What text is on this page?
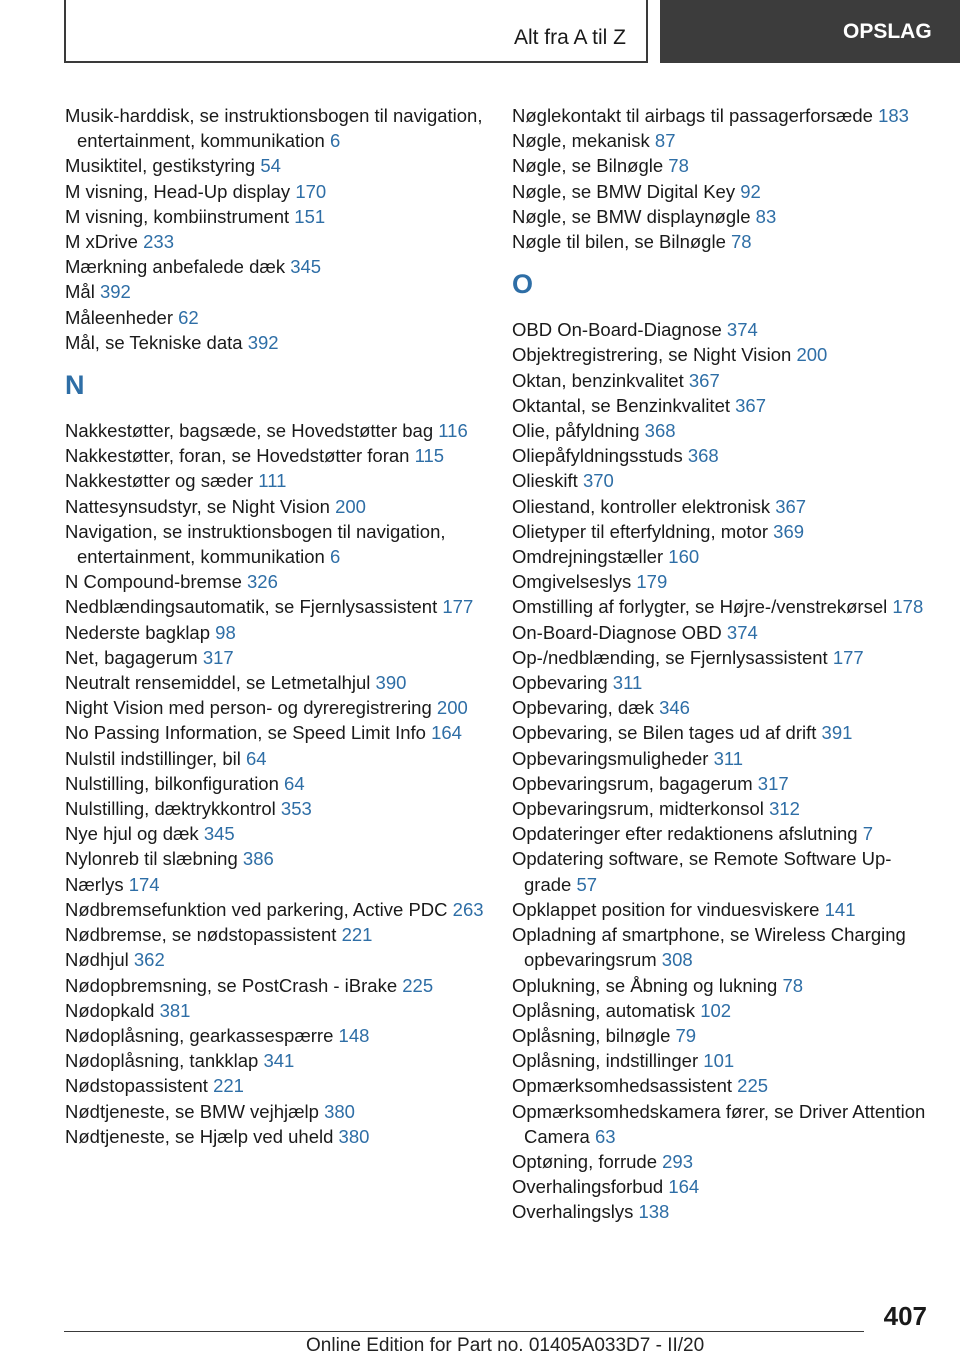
Alt fra A til Z	OPSLAG
Musik-harddisk, se instruktionsbogen til navigation, entertainment, kommunikation 6
Musiktitel, gestikstyring 54
M visning, Head-Up display 170
M visning, kombiinstrument 151
M xDrive 233
Mærkning anbefalede dæk 345
Mål 392
Måleenheder 62
Mål, se Tekniske data 392
N
Nakkestøtter, bagsæde, se Hovedstøtter bag 116
Nakkestøtter, foran, se Hovedstøtter foran 115
Nakkestøtter og sæder 111
Nattesynsudstyr, se Night Vision 200
Navigation, se instruktionsbogen til navigation, entertainment, kommunikation 6
N Compound-bremse 326
Nedblændingsautomatik, se Fjernlysassistent 177
Nederste bagklap 98
Net, bagagerum 317
Neutralt rensemiddel, se Letmetalhjul 390
Night Vision med person- og dyreregistrering 200
No Passing Information, se Speed Limit Info 164
Nulstil indstillinger, bil 64
Nulstilling, bilkonfiguration 64
Nulstilling, dæktrykkontrol 353
Nye hjul og dæk 345
Nylonreb til slæbning 386
Nærlys 174
Nødbremsefunktion ved parkering, Active PDC 263
Nødbremse, se nødstopassistent 221
Nødhjul 362
Nødopbremsning, se PostCrash - iBrake 225
Nødopkald 381
Nødoplåsning, gearkassespærre 148
Nødoplåsning, tankklap 341
Nødstopassistent 221
Nødtjeneste, se BMW vejhjælp 380
Nødtjeneste, se Hjælp ved uheld 380
Nøglekontakt til airbags til passagerforsæde 183
Nøgle, mekanisk 87
Nøgle, se Bilnøgle 78
Nøgle, se BMW Digital Key 92
Nøgle, se BMW displaynøgle 83
Nøgle til bilen, se Bilnøgle 78
O
OBD On-Board-Diagnose 374
Objektregistrering, se Night Vision 200
Oktan, benzinkvalitet 367
Oktantal, se Benzinkvalitet 367
Olie, påfyldning 368
Oliepåfyldningsstuds 368
Olieskift 370
Oliestand, kontroller elektronisk 367
Olietyper til efterfyldning, motor 369
Omdrejningstæller 160
Omgivelseslys 179
Omstilling af forlygter, se Højre-/venstrekørsel 178
On-Board-Diagnose OBD 374
Op-/nedblænding, se Fjernlysassistent 177
Opbevaring 311
Opbevaring, dæk 346
Opbevaring, se Bilen tages ud af drift 391
Opbevaringsmuligheder 311
Opbevaringsrum, bagagerum 317
Opbevaringsrum, midterkonsol 312
Opdateringer efter redaktionens afslutning 7
Opdatering software, se Remote Software Upgrade 57
Opklappet position for vinduesviskere 141
Opladning af smartphone, se Wireless Charging opbevaringsrum 308
Oplukning, se Åbning og lukning 78
Oplåsning, automatisk 102
Oplåsning, bilnøgle 79
Oplåsning, indstillinger 101
Opmærksomhedsassistent 225
Opmærksomhedskamera fører, se Driver Attention Camera 63
Optøning, forrude 293
Overhalingsforbud 164
Overhalingslys 138
407
Online Edition for Part no. 01405A033D7 - II/20
